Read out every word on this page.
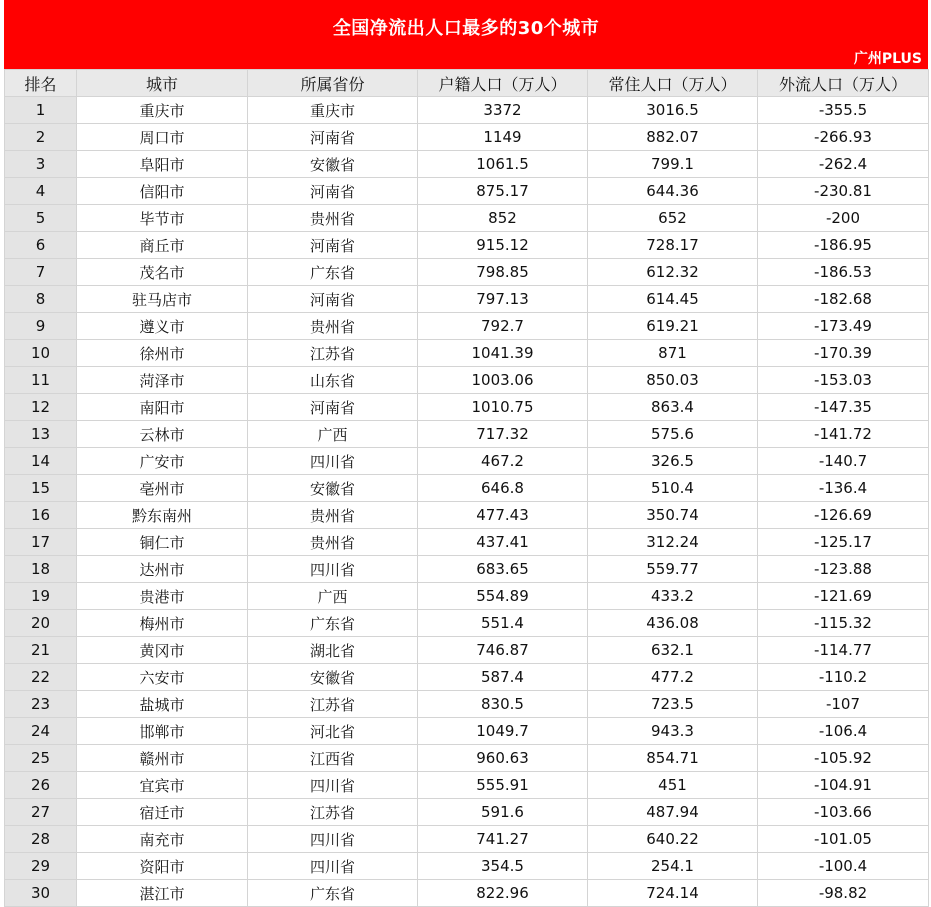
全国净流出人口最多的30个城市
广州PLUS
排名	城市	所属省份	户籍人口（万人）	常住人口（万人）	外流人口（万人）
1	重庆市	重庆市	3372	3016.5	-355.5
2	周口市	河南省	1149	882.07	-266.93
3	阜阳市	安徽省	1061.5	799.1	-262.4
4	信阳市	河南省	875.17	644.36	-230.81
5	毕节市	贵州省	852	652	-200
6	商丘市	河南省	915.12	728.17	-186.95
7	茂名市	广东省	798.85	612.32	-186.53
8	驻马店市	河南省	797.13	614.45	-182.68
9	遵义市	贵州省	792.7	619.21	-173.49
10	徐州市	江苏省	1041.39	871	-170.39
11	菏泽市	山东省	1003.06	850.03	-153.03
12	南阳市	河南省	1010.75	863.4	-147.35
13	云林市	广西	717.32	575.6	-141.72
14	广安市	四川省	467.2	326.5	-140.7
15	亳州市	安徽省	646.8	510.4	-136.4
16	黔东南州	贵州省	477.43	350.74	-126.69
17	铜仁市	贵州省	437.41	312.24	-125.17
18	达州市	四川省	683.65	559.77	-123.88
19	贵港市	广西	554.89	433.2	-121.69
20	梅州市	广东省	551.4	436.08	-115.32
21	黄冈市	湖北省	746.87	632.1	-114.77
22	六安市	安徽省	587.4	477.2	-110.2
23	盐城市	江苏省	830.5	723.5	-107
24	邯郸市	河北省	1049.7	943.3	-106.4
25	赣州市	江西省	960.63	854.71	-105.92
26	宜宾市	四川省	555.91	451	-104.91
27	宿迁市	江苏省	591.6	487.94	-103.66
28	南充市	四川省	741.27	640.22	-101.05
29	资阳市	四川省	354.5	254.1	-100.4
30	湛江市	广东省	822.96	724.14	-98.82
